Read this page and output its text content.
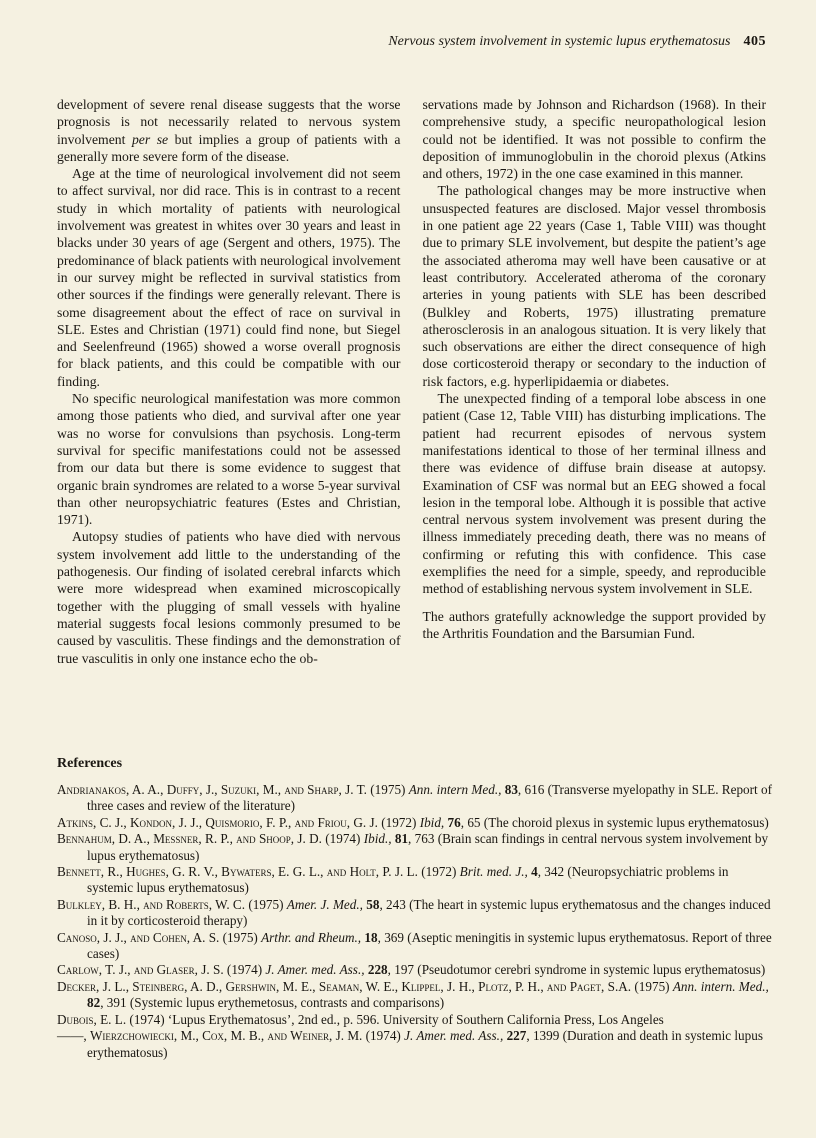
Nervous system involvement in systemic lupus erythematosus 405

development of severe renal disease suggests that the worse prognosis is not necessarily related to nervous system involvement per se but implies a group of patients with a generally more severe form of the disease.

Age at the time of neurological involvement did not seem to affect survival, nor did race. This is in contrast to a recent study in which mortality of patients with neurological involvement was greatest in whites over 30 years and least in blacks under 30 years of age (Sergent and others, 1975). The predominance of black patients with neurological involvement in our survey might be reflected in survival statistics from other sources if the findings were generally relevant. There is some disagreement about the effect of race on survival in SLE. Estes and Christian (1971) could find none, but Siegel and Seelenfreund (1965) showed a worse overall prognosis for black patients, and this could be compatible with our finding.

No specific neurological manifestation was more common among those patients who died, and survival after one year was no worse for convulsions than psychosis. Long-term survival for specific manifestations could not be assessed from our data but there is some evidence to suggest that organic brain syndromes are related to a worse 5-year survival than other neuropsychiatric features (Estes and Christian, 1971).

Autopsy studies of patients who have died with nervous system involvement add little to the understanding of the pathogenesis. Our finding of isolated cerebral infarcts which were more widespread when examined microscopically together with the plugging of small vessels with hyaline material suggests focal lesions commonly presumed to be caused by vasculitis. These findings and the demonstration of true vasculitis in only one instance echo the ob-

servations made by Johnson and Richardson (1968). In their comprehensive study, a specific neuropathological lesion could not be identified. It was not possible to confirm the deposition of immunoglobulin in the choroid plexus (Atkins and others, 1972) in the one case examined in this manner.

The pathological changes may be more instructive when unsuspected features are disclosed. Major vessel thrombosis in one patient age 22 years (Case 1, Table VIII) was thought due to primary SLE involvement, but despite the patient’s age the associated atheroma may well have been causative or at least contributory. Accelerated atheroma of the coronary arteries in young patients with SLE has been described (Bulkley and Roberts, 1975) illustrating premature atherosclerosis in an analogous situation. It is very likely that such observations are either the direct consequence of high dose corticosteroid therapy or secondary to the induction of risk factors, e.g. hyperlipidaemia or diabetes.

The unexpected finding of a temporal lobe abscess in one patient (Case 12, Table VIII) has disturbing implications. The patient had recurrent episodes of nervous system manifestations identical to those of her terminal illness and there was evidence of diffuse brain disease at autopsy. Examination of CSF was normal but an EEG showed a focal lesion in the temporal lobe. Although it is possible that active central nervous system involvement was present during the illness immediately preceding death, there was no means of confirming or refuting this with confidence. This case exemplifies the need for a simple, speedy, and reproducible method of establishing nervous system involvement in SLE.

The authors gratefully acknowledge the support provided by the Arthritis Foundation and the Barsumian Fund.

References

Andrianakos, A. A., Duffy, J., Suzuki, M., and Sharp, J. T. (1975) Ann. intern Med., 83, 616 (Transverse myelopathy in SLE. Report of three cases and review of the literature)

Atkins, C. J., Kondon, J. J., Quismorio, F. P., and Friou, G. J. (1972) Ibid, 76, 65 (The choroid plexus in systemic lupus erythematosus)

Bennahum, D. A., Messner, R. P., and Shoop, J. D. (1974) Ibid., 81, 763 (Brain scan findings in central nervous system involvement by lupus erythematosus)

Bennett, R., Hughes, G. R. V., Bywaters, E. G. L., and Holt, P. J. L. (1972) Brit. med. J., 4, 342 (Neuropsychiatric problems in systemic lupus erythematosus)

Bulkley, B. H., and Roberts, W. C. (1975) Amer. J. Med., 58, 243 (The heart in systemic lupus erythematosus and the changes induced in it by corticosteroid therapy)

Canoso, J. J., and Cohen, A. S. (1975) Arthr. and Rheum., 18, 369 (Aseptic meningitis in systemic lupus erythematosus. Report of three cases)

Carlow, T. J., and Glaser, J. S. (1974) J. Amer. med. Ass., 228, 197 (Pseudotumor cerebri syndrome in systemic lupus erythematosus)

Decker, J. L., Steinberg, A. D., Gershwin, M. E., Seaman, W. E., Klippel, J. H., Plotz, P. H., and Paget, S.A. (1975) Ann. intern. Med., 82, 391 (Systemic lupus erythemetosus, contrasts and comparisons)

Dubois, E. L. (1974) ‘Lupus Erythematosus’, 2nd ed., p. 596. University of Southern California Press, Los Angeles

——, Wierzchowiecki, M., Cox, M. B., and Weiner, J. M. (1974) J. Amer. med. Ass., 227, 1399 (Duration and death in systemic lupus erythematosus)
